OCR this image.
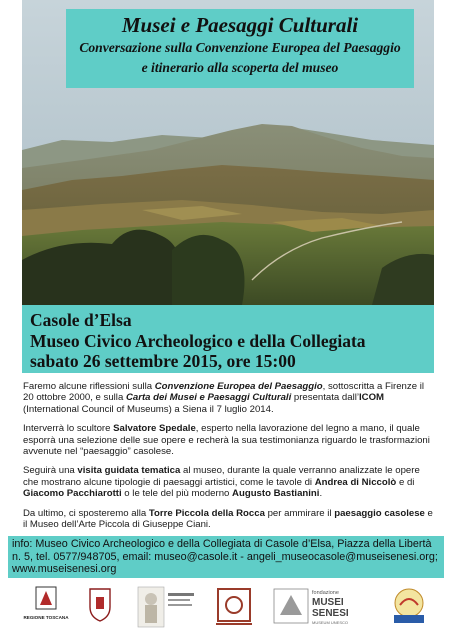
Musei e Paesaggi Culturali
Conversazione sulla Convenzione Europea del Paesaggio
e itinerario alla scoperta del museo
Casole d’Elsa
Museo Civico Archeologico e della Collegiata
sabato 26 settembre 2015, ore 15:00

Faremo alcune riflessioni sulla Convenzione Europea del Paesaggio, sottoscritta a Firenze il 20 ottobre 2000, e sulla Carta dei Musei e Paesaggi Culturali presentata dall’ICOM (International Council of Museums) a Siena il 7 luglio 2014.

Interverrà lo scultore Salvatore Spedale, esperto nella lavorazione del legno a mano, il quale esporrà una selezione delle sue opere e recherà la sua testimonianza riguardo le trasformazioni avvenute nel “paesaggio” casolese.

Seguirà una visita guidata tematica al museo, durante la quale verranno analizzate le opere che mostrano alcune tipologie di paesaggi artistici, come le tavole di Andrea di Niccolò e di Giacomo Pacchiarotti o le tele del più moderno Augusto Bastianini.

Da ultimo, ci sposteremo alla Torre Piccola della Rocca per ammirare il paesaggio casolese e il Museo dell’Arte Piccola di Giuseppe Ciani.

info: Museo Civico Archeologico e della Collegiata di Casole d’Elsa, Piazza della Libertà
n. 5, tel. 0577/948705, email: museo@casole.it - angeli_museocasole@museisenesi.org;
www.museisenesi.org
REGIONE TOSCANA
fondazione
MUSEI
SENESI
MUSEUM UNESCO
